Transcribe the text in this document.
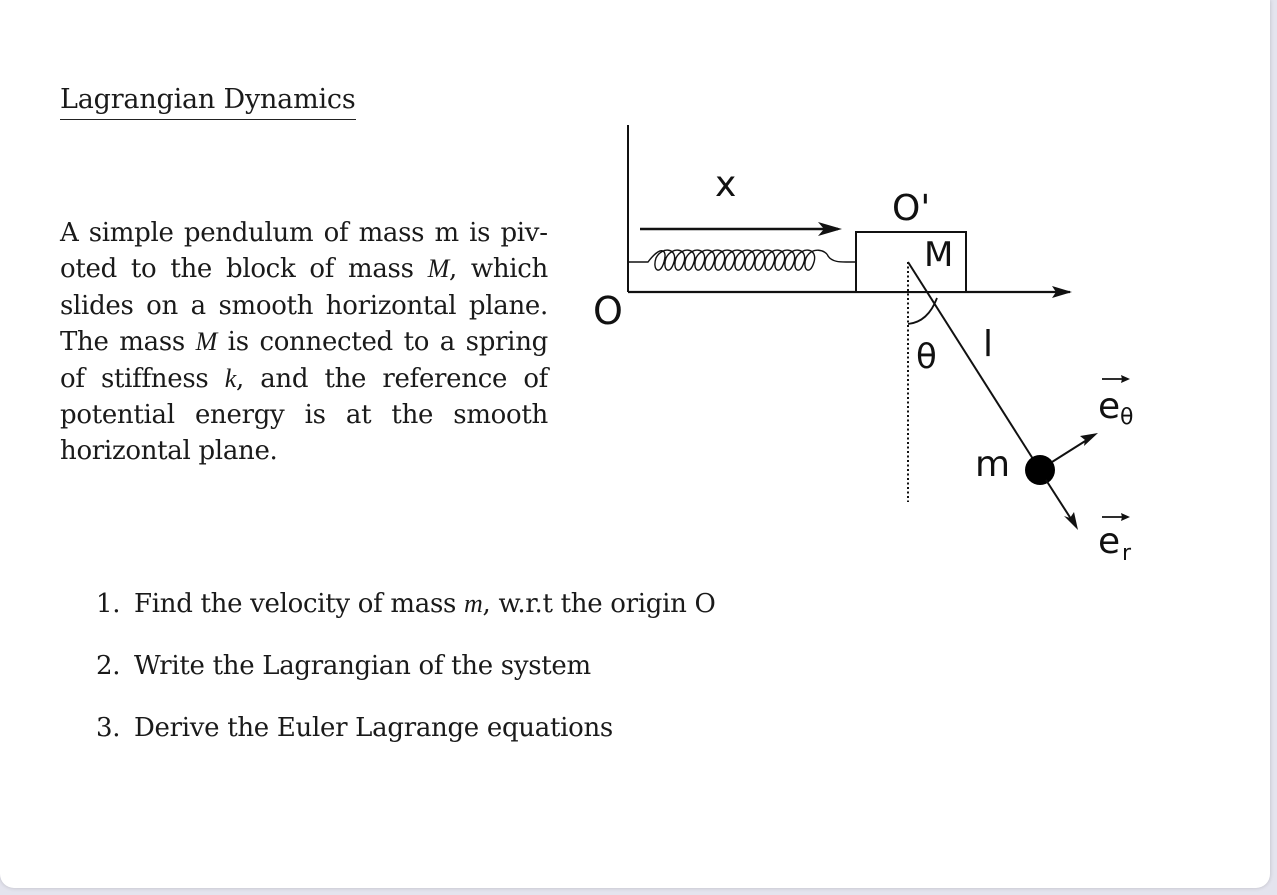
Lagrangian Dynamics
A simple pendulum of mass m is pivoted to the block of mass M, which slides on a smooth horizontal plane. The mass M is connected to a spring of stiffness k, and the reference of potential energy is at the smooth horizontal plane.
O
x
O'
M
θ l
m
e θ
e r
1. Find the velocity of mass m, w.r.t the origin O
2. Write the Lagrangian of the system
3. Derive the Euler Lagrange equations
